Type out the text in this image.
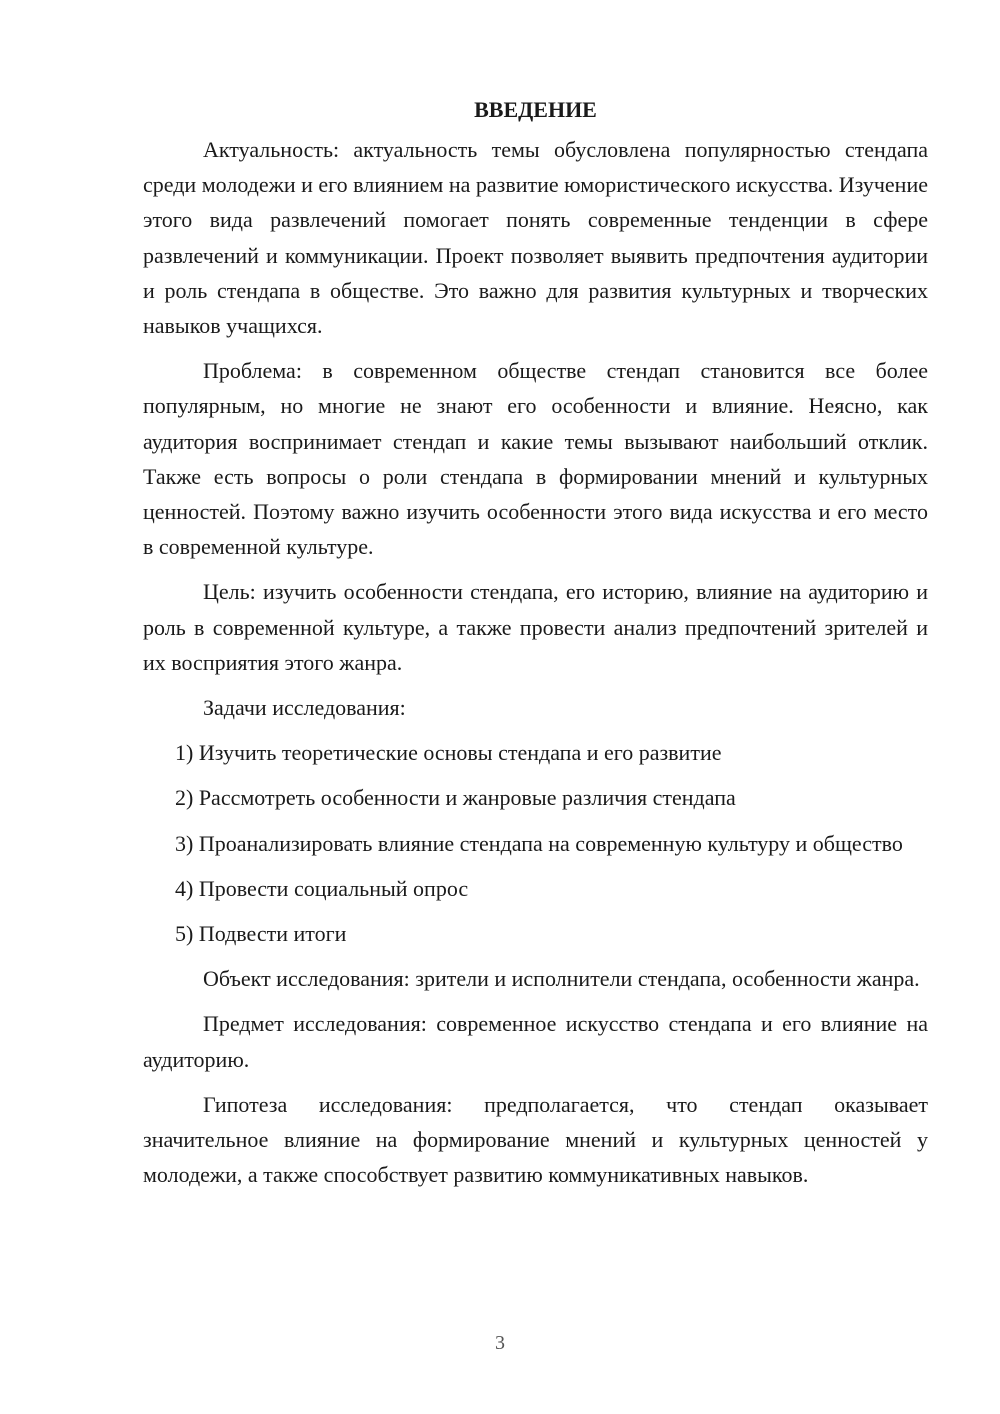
ВВЕДЕНИЕ

Актуальность: актуальность темы обусловлена популярностью стендапа среди молодежи и его влиянием на развитие юмористического искусства. Изучение этого вида развлечений помогает понять современные тенденции в сфере развлечений и коммуникации. Проект позволяет выявить предпочтения аудитории и роль стендапа в обществе. Это важно для развития культурных и творческих навыков учащихся.

Проблема: в современном обществе стендап становится все более популярным, но многие не знают его особенности и влияние. Неясно, как аудитория воспринимает стендап и какие темы вызывают наибольший отклик. Также есть вопросы о роли стендапа в формировании мнений и культурных ценностей. Поэтому важно изучить особенности этого вида искусства и его место в современной культуре.

Цель: изучить особенности стендапа, его историю, влияние на аудиторию и роль в современной культуре, а также провести анализ предпочтений зрителей и их восприятия этого жанра.

Задачи исследования:

1) Изучить теоретические основы стендапа и его развитие

2) Рассмотреть особенности и жанровые различия стендапа

3) Проанализировать влияние стендапа на современную культуру и общество

4) Провести социальный опрос

5) Подвести итоги

Объект исследования: зрители и исполнители стендапа, особенности жанра.

Предмет исследования: современное искусство стендапа и его влияние на аудиторию.

Гипотеза исследования: предполагается, что стендап оказывает значительное влияние на формирование мнений и культурных ценностей у молодежи, а также способствует развитию коммуникативных навыков.

3
